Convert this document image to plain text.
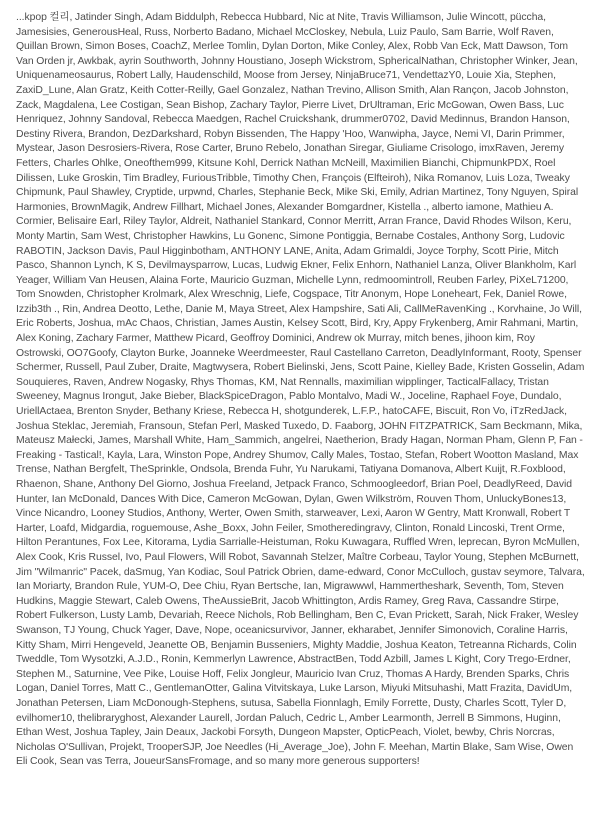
...kpop 컬리, Jatinder Singh, Adam Biddulph, Rebecca Hubbard, Nic at Nite, Travis Williamson, Julie Wincott, püccha, Jamesisies, GenerousHeal, Russ, Norberto Badano, Michael McCloskey, Nebula, Luiz Paulo, Sam Barrie, Wolf Raven, Quillan Brown, Simon Boses, CoachZ, Merlee Tomlin, Dylan Dorton, Mike Conley, Alex, Robb Van Eck, Matt Dawson, Tom Van Orden jr, Awkbak, ayrin Southworth, Johnny Houstiano, Joseph Wickstrom, SphericalNathan, Christopher Winker, Jean, Uniquenameosaurus, Robert Lally, Haudenschild, Moose from Jersey, NinjaBruce71, VendettazY0, Louie Xia, Stephen, ZaxiD_Lune, Alan Gratz, Keith Cotter-Reilly, Gael Gonzalez, Nathan Trevino, Allison Smith, Alan Rançon, Jacob Johnston, Zack, Magdalena, Lee Costigan, Sean Bishop, Zachary Taylor, Pierre Livet, DrUltraman, Eric McGowan, Owen Bass, Luc Henriquez, Johnny Sandoval, Rebecca Maedgen, Rachel Cruickshank, drummer0702, David Medinnus, Brandon Hanson, Destiny Rivera, Brandon, DezDarkshard, Robyn Bissenden, The Happy 'Hoo, Wanwipha, Jayce, Nemi VI, Darin Primmer, Mystear, Jason Desrosiers-Rivera, Rose Carter, Bruno Rebelo, Jonathan Siregar, Giuliame Crisologo, imxRaven, Jeremy Fetters, Charles Ohlke, Oneofthem999, Kitsune Kohl, Derrick Nathan McNeill, Maximilien Bianchi, ChipmunkPDX, Roel Dilissen, Luke Groskin, Tim Bradley, FuriousTribble, Timothy Chen, François (Elfteiroh), Nika Romanov, Luis Loza, Tweaky Chipmunk, Paul Shawley, Cryptide, urpwnd, Charles, Stephanie Beck, Mike Ski, Emily, Adrian Martinez, Tony Nguyen, Spiral Harmonies, BrownMagik, Andrew Fillhart, Michael Jones, Alexander Bomgardner, Kistella ., alberto iamone, Mathieu A. Cormier, Belisaire Earl, Riley Taylor, Aldreit, Nathaniel Stankard, Connor Merritt, Arran France, David Rhodes Wilson, Keru, Monty Martin, Sam West, Christopher Hawkins, Lu Gonenc, Simone Pontiggia, Bernabe Costales, Anthony Sorg, Ludovic RABOTIN, Jackson Davis, Paul Higginbotham, ANTHONY LANE, Anita, Adam Grimaldi, Joyce Torphy, Scott Pirie, Mitch Pasco, Shannon Lynch, K S, Devilmaysparrow, Lucas, Ludwig Ekner, Felix Enhorn, Nathaniel Lanza, Oliver Blankholm, Karl Yeager, William Van Heusen, Alaina Forte, Mauricio Guzman, Michelle Lynn, redmoomintroll, Reuben Farley, PiXeL71200, Tom Snowden, Christopher Krolmark, Alex Wreschnig, Liefe, Cogspace, Titr Anonym, Hope Loneheart, Fek, Daniel Rowe, Izzib3th ., Rin, Andrea Deotto, Lethe, Danie M, Maya Street, Alex Hampshire, Sati Ali, CallMeRavenKing ., Korvhaine, Jo Will, Eric Roberts, Joshua, mAc Chaos, Christian, James Austin, Kelsey Scott, Bird, Kry, Appy Frykenberg, Amir Rahmani, Martin, Alex Koning, Zachary Farmer, Matthew Picard, Geoffroy Dominici, Andrew ok Murray, mitch benes, jihoon kim, Roy Ostrowski, OO7Goofy, Clayton Burke, Joanneke Weerdmeester, Raul Castellano Carreton, DeadlyInformant, Rooty, Spenser Schermer, Russell, Paul Zuber, Draite, Magtwysera, Robert Bielinski, Jens, Scott Paine, Kielley Bade, Kristen Gosselin, Adam Souquieres, Raven, Andrew Nogasky, Rhys Thomas, KM, Nat Rennalls, maximilian wipplinger, TacticalFallacy, Tristan Sweeney, Magnus Irongut, Jake Bieber, BlackSpiceDragon, Pablo Montalvo, Madi W., Joceline, Raphael Foye, Dundalo, UriellActaea, Brenton Snyder, Bethany Kriese, Rebecca H, shotgunderek, L.F.P., hatoCAFE, Biscuit, Ron Vo, iTzRedJack, Joshua Steklac, Jeremiah, Fransoun, Stefan Perl, Masked Tuxedo, D. Faaborg, JOHN FITZPATRICK, Sam Beckmann, Mika, Mateusz Małecki, James, Marshall White, Ham_Sammich, angelrei, Naetherion, Brady Hagan, Norman Pham, Glenn P, Fan - Freaking - Tastical!, Kayla, Lara, Winston Pope, Andrey Shumov, Cally Males, Tostao, Stefan, Robert Wootton Masland, Max Trense, Nathan Bergfelt, TheSprinkle, Ondsola, Brenda Fuhr, Yu Narukami, Tatiyana Domanova, Albert Kuijt, R.Foxblood, Rhaenon, Shane, Anthony Del Giorno, Joshua Freeland, Jetpack Franco, Schmoogleedorf, Brian Poel, DeadlyReed, David Hunter, Ian McDonald, Dances With Dice, Cameron McGowan, Dylan, Gwen Wilkström, Rouven Thom, UnluckyBones13, Vince Nicandro, Looney Studios, Anthony, Werter, Owen Smith, starweaver, Lexi, Aaron W Gentry, Matt Kronwall, Robert T Harter, Loafd, Midgardia, roguemouse, Ashe_Boxx, John Feiler, Smotheredingravy, Clinton, Ronald Lincoski, Trent Orme, Hilton Perantunes, Fox Lee, Kitorama, Lydia Sarrialle-Heistuman, Roku Kuwagara, Ruffled Wren, leprecan, Byron McMullen, Alex Cook, Kris Russel, Ivo, Paul Flowers, Will Robot, Savannah Stelzer, Maître Corbeau, Taylor Young, Stephen McBurnett, Jim "Wilmanric" Pacek, daSmug, Yan Kodiac, Soul Patrick Obrien, dame-edward, Conor McCulloch, gustav seymore, Talvara, Ian Moriarty, Brandon Rule, YUM-O, Dee Chiu, Ryan Bertsche, Ian, Migrawwwl, Hammertheshark, Seventh, Tom, Steven Hudkins, Maggie Stewart, Caleb Owens, TheAussieBrit, Jacob Whittington, Ardis Ramey, Greg Rava, Cassandre Stirpe, Robert Fulkerson, Lusty Lamb, Devariah, Reece Nichols, Rob Bellingham, Ben C, Evan Prickett, Sarah, Nick Fraker, Wesley Swanson, TJ Young, Chuck Yager, Dave, Nope, oceanicsurvivor, Janner, ekharabet, Jennifer Simonovich, Coraline Harris, Kitty Sham, Mirri Hengeveld, Jeanette OB, Benjamin Busseniers, Mighty Maddie, Joshua Keaton, Tetreanna Richards, Colin Tweddle, Tom Wysotzki, A.J.D., Ronin, Kemmerlyn Lawrence, AbstractBen, Todd Azbill, James L Kight, Cory Trego-Erdner, Stephen M., Saturnine, Vee Pike, Louise Hoff, Felix Jongleur, Mauricio Ivan Cruz, Thomas A Hardy, Brenden Sparks, Chris Logan, Daniel Torres, Matt C., GentlemanOtter, Galina Vitvitskaya, Luke Larson, Miyuki Mitsuhashi, Matt Frazita, DavidUm, Jonathan Petersen, Liam McDonough-Stephens, sutusa, Sabella Fionnlagh, Emily Forrette, Dusty, Charles Scott, Tyler D, evilhomer10, thelibraryghost, Alexander Laurell, Jordan Paluch, Cedric L, Amber Learmonth, Jerrell B Simmons, Huginn, Ethan West, Joshua Tapley, Jain Deaux, Jackobi Forsyth, Dungeon Mapster, OpticPeach, Violet, bewby, Chris Norcras, Nicholas O'Sullivan, Projekt, TrooperSJP, Joe Needles (Hi_Average_Joe), John F. Meehan, Martin Blake, Sam Wise, Owen Eli Cook, Sean vas Terra, JoueurSansFromage, and so many more generous supporters!
